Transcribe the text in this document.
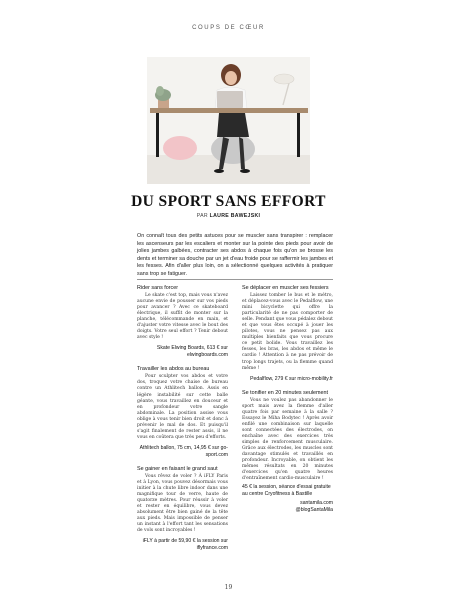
COUPS DE CŒUR
DU SPORT SANS EFFORT
PAR LAURE BAWEJSKI
On connaît tous des petits astuces pour se muscler sans transpirer : remplacer les ascenseurs par les escaliers et monter sur la pointe des pieds pour avoir de jolies jambes galbées, contracter ses abdos à chaque fois qu'on se brosse les dents et terminer sa douche par un jet d'eau froide pour se raffermir les jambes et les fesses. Afin d'aller plus loin, on a sélectionné quelques activités à pratiquer sans trop se fatiguer.
Rider sans forcer
Le skate c'est top, mais vous n'avez aucune envie de pousser sur vos pieds pour avancer ? Avec ce skateboard électrique, il suffit de monter sur la planche, télécommande en main, et d'ajuster votre vitesse avec le bout des doigts. Votre seul effort ? Tenir debout avec style !
Skate Elwing Boards, 613 € sur elwingboards.com
Travailler les abdos au bureau
Pour sculpter vos abdos et votre dos, troquez votre chaise de bureau contre un Athlitech ballon. Assis en légère instabilité sur cette balle géante, vous travaillez en douceur et en profondeur votre sangle abdominale. La position assise vous oblige à vous tenir bien droit et donc à prévenir le mal de dos. Et puisqu'il s'agit finalement de rester assis, il ne vous en coûtera que très peu d'efforts.
Athlitech ballon, 75 cm, 14,95 € sur go-sport.com
Se gainer en faisant le grand saut
Vous rêvez de voler ? À iFLY Paris et à Lyon, vous pouvez désormais vous initier à la chute libre indoor dans une magnifique tour de verre, haute de quatorze mètres. Pour réussir à voler et rester en équilibre, vous devez absolument être bien gainé de la tête aux pieds. Mais impossible de penser un instant à l'effort tant les sensations de vols sont incroyables !
iFLY à partir de 59,90 € la session sur iflyfrance.com
Se déplacer en muscler ses fessiers
Laissez tomber le bus et le métro, et déplacez-vous avec le Pedalflow, une mini bicyclette qui offre la particularité de ne pas comporter de selle. Pendant que vous pédalez debout et que vous êtes occupé à jouer les pilotes, vous ne pensez pas aux multiples bienfaits que vous procure ce petit bolide. Vous travaillez les fesses, les bras, les abdos et même le cardio ! Attention à ne pas prévoir de trop longs trajets, ou la flemme quand même !
Pedalflow, 279 € sur micro-mobility.fr
Se tonifier en 20 minutes seulement
Vous ne voulez pas abandonner le sport mais avez la flemme d'aller quatre fois par semaine à la salle ? Essayez le Miha Bodytec ! Après avoir enfilé une combinaison sur laquelle sont connectées des électrodes, on enchaîne avec des exercices très simples de renforcement musculaire. Grâce aux électrodes, les muscles sont davantage stimulés et travaillés en profondeur. Incroyable, on obtient les mêmes résultats en 20 minutes d'exercices qu'en quatre heures d'entraînement cardio-musculaire !
45 € la session, séance d'essai gratuite au centre Cryofitness à Bastille
santamila.com
@blogSantaMila
19
